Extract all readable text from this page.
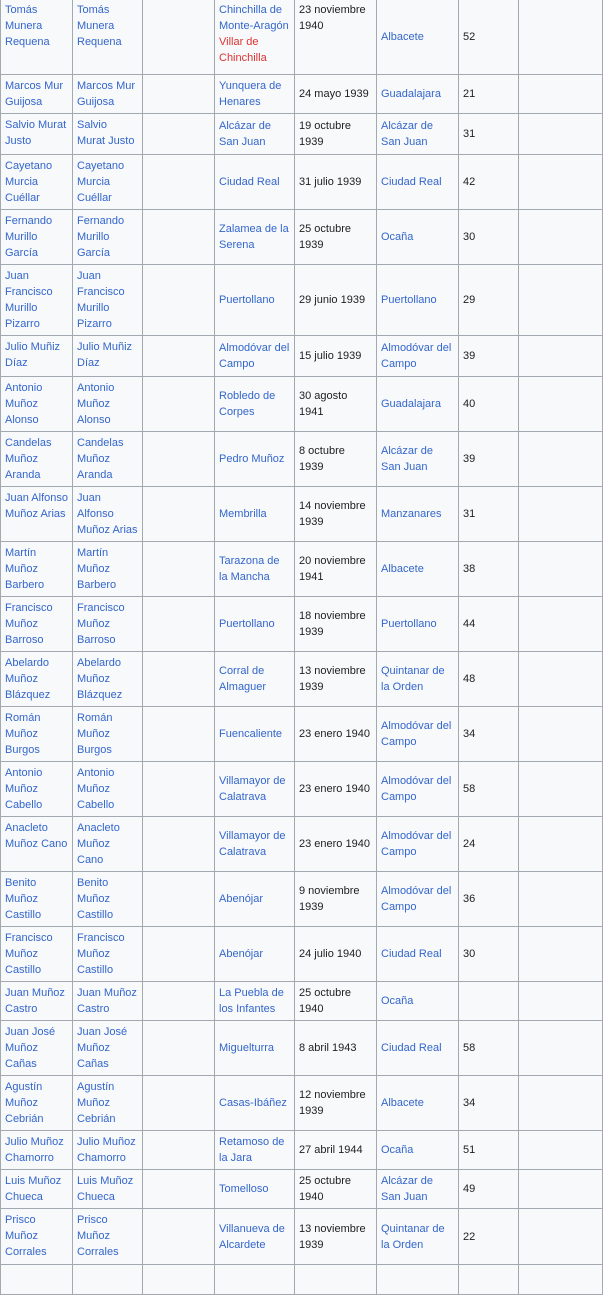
Tomás Munera Requena	Tomás Munera Requena		Chinchilla de Monte-Aragón Villar de Chinchilla	23 noviembre 1940	Albacete	52	
Marcos Mur Guijosa	Marcos Mur Guijosa		Yunquera de Henares	24 mayo 1939	Guadalajara	21	
Salvio Murat Justo	Salvio Murat Justo		Alcázar de San Juan	19 octubre 1939	Alcázar de San Juan	31	
Cayetano Murcia Cuéllar	Cayetano Murcia Cuéllar		Ciudad Real	31 julio 1939	Ciudad Real	42	
Fernando Murillo García	Fernando Murillo García		Zalamea de la Serena	25 octubre 1939	Ocaña	30	
Juan Francisco Murillo Pizarro	Juan Francisco Murillo Pizarro		Puertollano	29 junio 1939	Puertollano	29	
Julio Muñiz Díaz	Julio Muñiz Díaz		Almodóvar del Campo	15 julio 1939	Almodóvar del Campo	39	
Antonio Muñoz Alonso	Antonio Muñoz Alonso		Robledo de Corpes	30 agosto 1941	Guadalajara	40	
Candelas Muñoz Aranda	Candelas Muñoz Aranda		Pedro Muñoz	8 octubre 1939	Alcázar de San Juan	39	
Juan Alfonso Muñoz Arias	Juan Alfonso Muñoz Arias		Membrilla	14 noviembre 1939	Manzanares	31	
Martín Muñoz Barbero	Martín Muñoz Barbero		Tarazona de la Mancha	20 noviembre 1941	Albacete	38	
Francisco Muñoz Barroso	Francisco Muñoz Barroso		Puertollano	18 noviembre 1939	Puertollano	44	
Abelardo Muñoz Blázquez	Abelardo Muñoz Blázquez		Corral de Almaguer	13 noviembre 1939	Quintanar de la Orden	48	
Román Muñoz Burgos	Román Muñoz Burgos		Fuencaliente	23 enero 1940	Almodóvar del Campo	34	
Antonio Muñoz Cabello	Antonio Muñoz Cabello		Villamayor de Calatrava	23 enero 1940	Almodóvar del Campo	58	
Anacleto Muñoz Cano	Anacleto Muñoz Cano		Villamayor de Calatrava	23 enero 1940	Almodóvar del Campo	24	
Benito Muñoz Castillo	Benito Muñoz Castillo		Abenójar	9 noviembre 1939	Almodóvar del Campo	36	
Francisco Muñoz Castillo	Francisco Muñoz Castillo		Abenójar	24 julio 1940	Ciudad Real	30	
Juan Muñoz Castro	Juan Muñoz Castro		La Puebla de los Infantes	25 octubre 1940	Ocaña		
Juan José Muñoz Cañas	Juan José Muñoz Cañas		Miguelturra	8 abril 1943	Ciudad Real	58	
Agustín Muñoz Cebrián	Agustín Muñoz Cebrián		Casas-Ibáñez	12 noviembre 1939	Albacete	34	
Julio Muñoz Chamorro	Julio Muñoz Chamorro		Retamoso de la Jara	27 abril 1944	Ocaña	51	
Luis Muñoz Chueca	Luis Muñoz Chueca		Tomelloso	25 octubre 1940	Alcázar de San Juan	49	
Prisco Muñoz Corrales	Prisco Muñoz Corrales		Villanueva de Alcardete	13 noviembre 1939	Quintanar de la Orden	22	
